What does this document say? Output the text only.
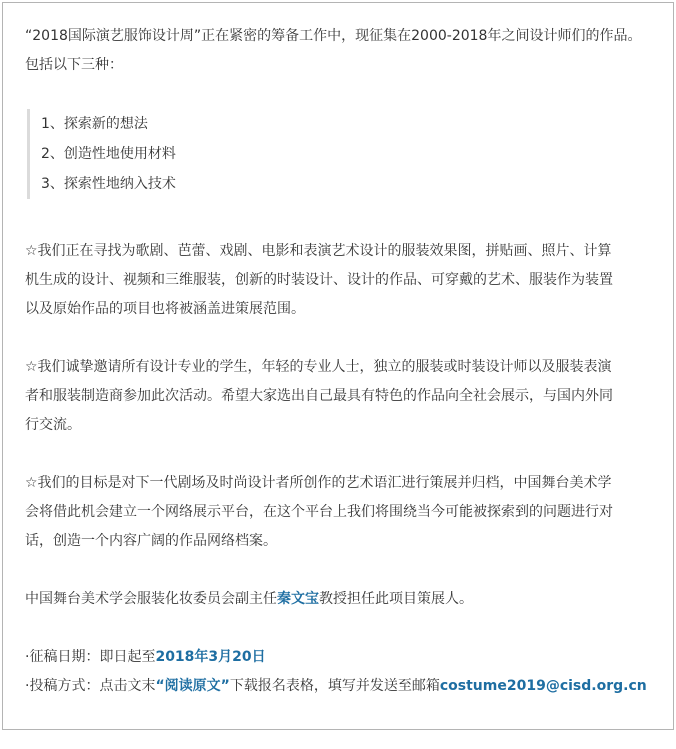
“2018国际演艺服饰设计周”正在紧密的筹备工作中，现征集在2000-2018年之间设计师们的作品。
包括以下三种：
1、探索新的想法
2、创造性地使用材料
3、探索性地纳入技术
☆我们正在寻找为歌剧、芭蕾、戏剧、电影和表演艺术设计的服装效果图，拼贴画、照片、计算
机生成的设计、视频和三维服装，创新的时装设计、设计的作品、可穿戴的艺术、服装作为装置
以及原始作品的项目也将被涵盖进策展范围。
☆我们诚挚邀请所有设计专业的学生，年轻的专业人士，独立的服装或时装设计师以及服装表演
者和服装制造商参加此次活动。希望大家选出自己最具有特色的作品向全社会展示，与国内外同
行交流。
☆我们的目标是对下一代剧场及时尚设计者所创作的艺术语汇进行策展并归档，中国舞台美术学
会将借此机会建立一个网络展示平台，在这个平台上我们将围绕当今可能被探索到的问题进行对
话，创造一个内容广阔的作品网络档案。
中国舞台美术学会服装化妆委员会副主任秦文宝教授担任此项目策展人。
·征稿日期：即日起至2018年3月20日
·投稿方式：点击文末“阅读原文”下载报名表格，填写并发送至邮箱costume2019@cisd.org.cn
